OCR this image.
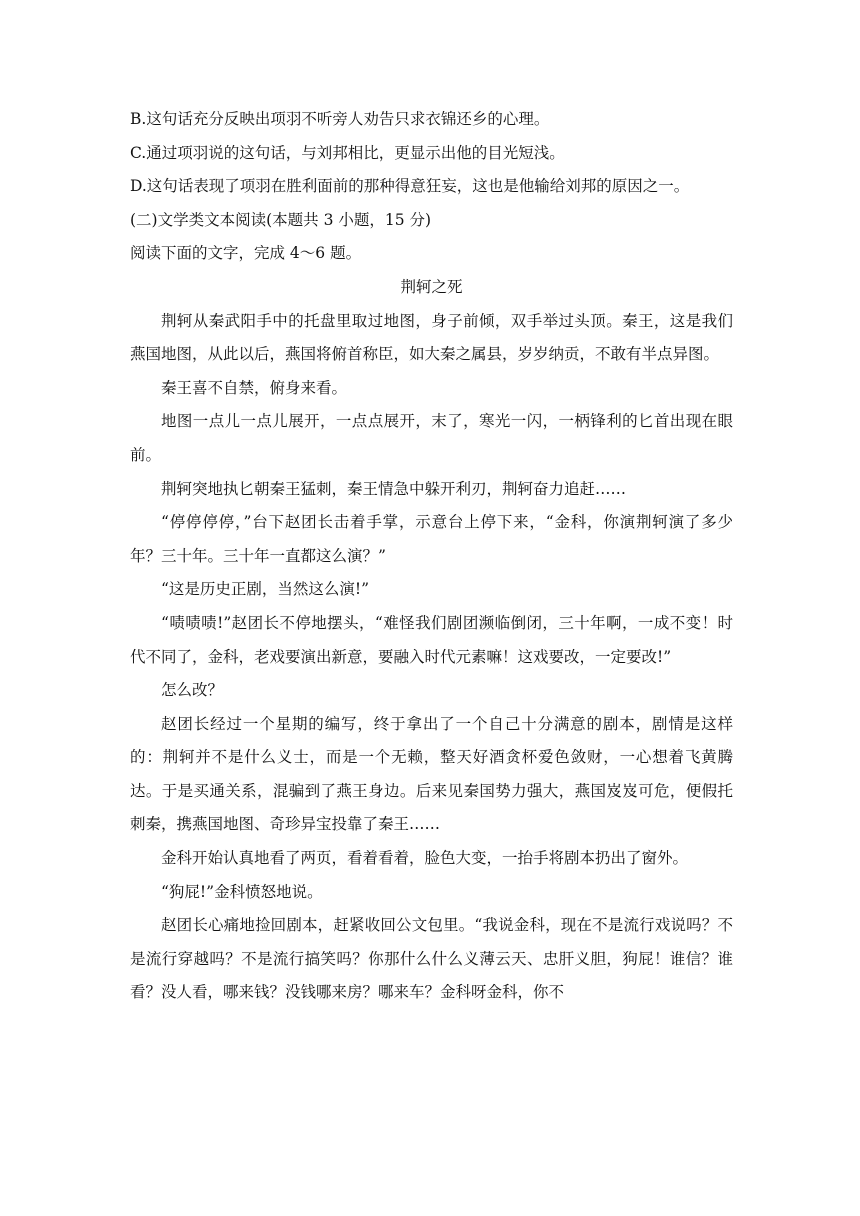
B.这句话充分反映出项羽不听旁人劝告只求衣锦还乡的心理。

C.通过项羽说的这句话，与刘邦相比，更显示出他的目光短浅。

D.这句话表现了项羽在胜利面前的那种得意狂妄，这也是他输给刘邦的原因之一。

(二)文学类文本阅读(本题共 3 小题，15 分)

阅读下面的文字，完成 4～6 题。

荆轲之死

荆轲从秦武阳手中的托盘里取过地图，身子前倾，双手举过头顶。秦王，这是我们燕国地图，从此以后，燕国将俯首称臣，如大秦之属县，岁岁纳贡，不敢有半点异图。

秦王喜不自禁，俯身来看。

地图一点儿一点儿展开，一点点展开，末了，寒光一闪，一柄锋利的匕首出现在眼前。

荆轲突地执匕朝秦王猛刺，秦王情急中躲开利刃，荆轲奋力追赶……

“停停停停，”台下赵团长击着手掌，示意台上停下来，“金科，你演荆轲演了多少年？三十年。三十年一直都这么演？”

“这是历史正剧，当然这么演!”

“啧啧啧!”赵团长不停地摆头，“难怪我们剧团濒临倒闭，三十年啊，一成不变！时代不同了，金科，老戏要演出新意，要融入时代元素嘛！这戏要改，一定要改!”

怎么改？

赵团长经过一个星期的编写，终于拿出了一个自己十分满意的剧本，剧情是这样的：荆轲并不是什么义士，而是一个无赖，整天好酒贪杯爱色敛财，一心想着飞黄腾达。于是买通关系，混骗到了燕王身边。后来见秦国势力强大，燕国岌岌可危，便假托刺秦，携燕国地图、奇珍异宝投靠了秦王……

金科开始认真地看了两页，看着看着，脸色大变，一抬手将剧本扔出了窗外。

“狗屁!”金科愤怒地说。

赵团长心痛地捡回剧本，赶紧收回公文包里。“我说金科，现在不是流行戏说吗？不是流行穿越吗？不是流行搞笑吗？你那什么什么义薄云天、忠肝义胆，狗屁！谁信？谁看？没人看，哪来钱？没钱哪来房？哪来车？金科呀金科，你不
